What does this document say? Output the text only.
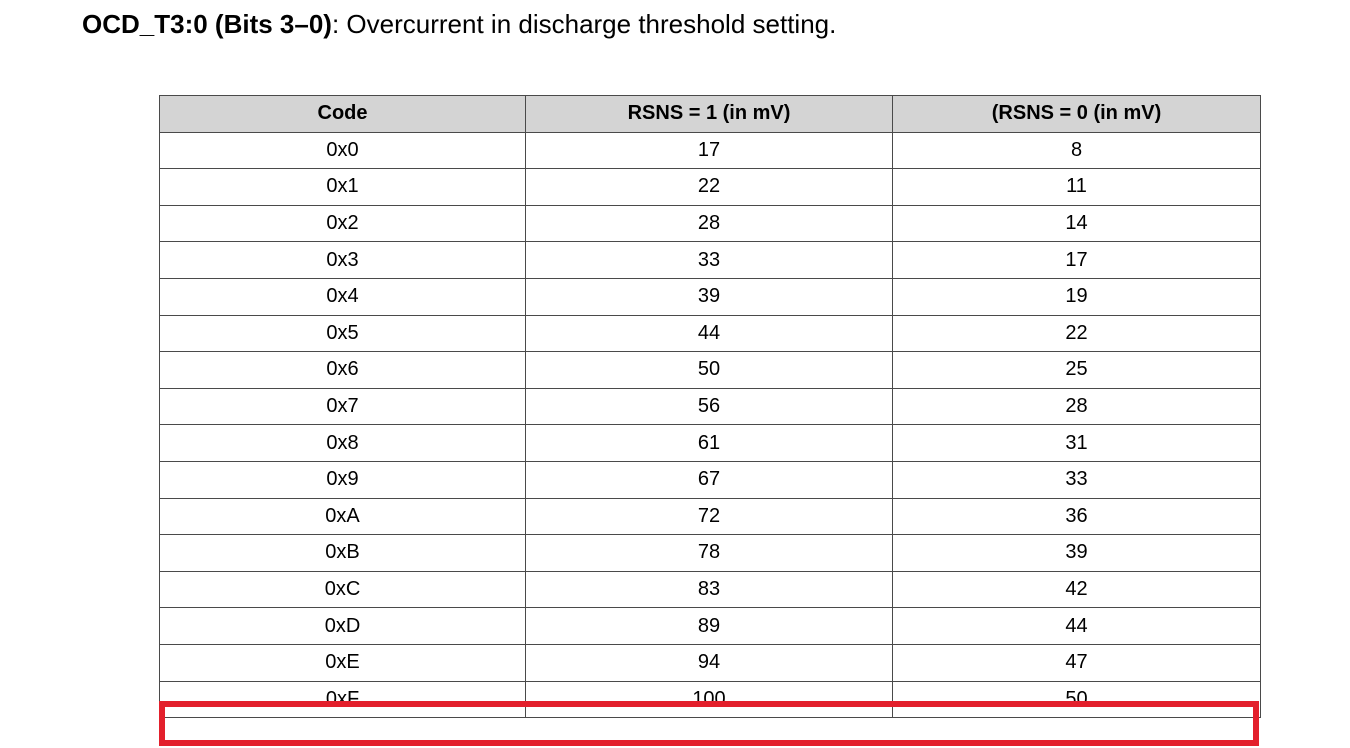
OCD_T3:0 (Bits 3–0): Overcurrent in discharge threshold setting.
Code	RSNS = 1 (in mV)	(RSNS = 0 (in mV)
0x0	17	8
0x1	22	11
0x2	28	14
0x3	33	17
0x4	39	19
0x5	44	22
0x6	50	25
0x7	56	28
0x8	61	31
0x9	67	33
0xA	72	36
0xB	78	39
0xC	83	42
0xD	89	44
0xE	94	47
0xF	100	50
